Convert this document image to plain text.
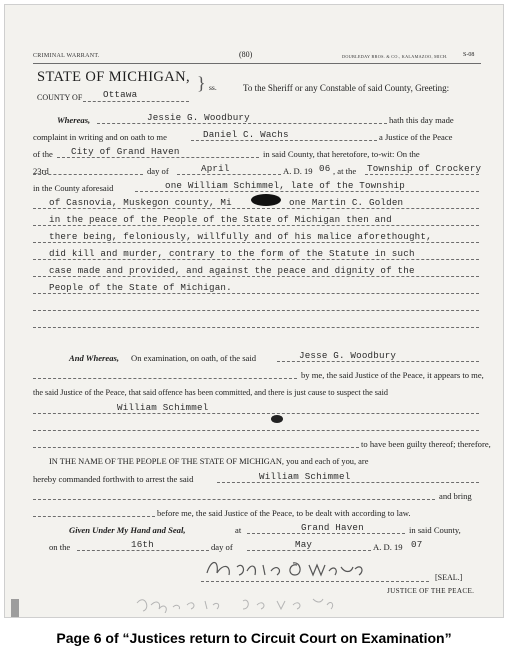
CRIMINAL WARRANT.	(80)	DOUBLEDAY BROS. & CO., KALAMAZOO, MICH.	S-08
STATE OF MICHIGAN,
COUNTY OF Ottawa
} ss.	To the Sheriff or any Constable of said County, Greeting:
Whereas,	Jessie G. Woodbury	hath this day made
complaint in writing and on oath to me	Daniel C. Wachs	a Justice of the Peace
of the City of Grand Haven	in said County, that heretofore, to-wit: On the
23rd	day of	April	A. D. 19 06 , at the Township of Crockery
in the County aforesaid	one William Schimmel, late of the Township
of Casnovia, Muskegon county, Mi	one Martin C. Golden
in the peace of the People of the State of Michigan then and
there being, feloniously, willfully and of his malice aforethought,
did kill and murder, contrary to the form of the Statute in such
case made and provided, and against the peace and dignity of the
People of the State of Michigan.
And Whereas, On examination, on oath, of the said	Jesse G. Woodbury
by me, the said Justice of the Peace, it appears to me,
the said Justice of the Peace, that said offence has been committed, and there is just cause to suspect the said
William Schimmel
to have been guilty thereof; therefore,
IN THE NAME OF THE PEOPLE OF THE STATE OF MICHIGAN, you and each of you, are
hereby commanded forthwith to arrest the said	William Schimmel
and bring
before me, the said Justice of the Peace, to be dealt with according to law.
Given Under My Hand and Seal,	at	Grand Haven	in said County,
on the	16th	day of	May	A. D. 19 07
[SEAL.]
JUSTICE OF THE PEACE.
Page 6 of “Justices return to Circuit Court on Examination”
